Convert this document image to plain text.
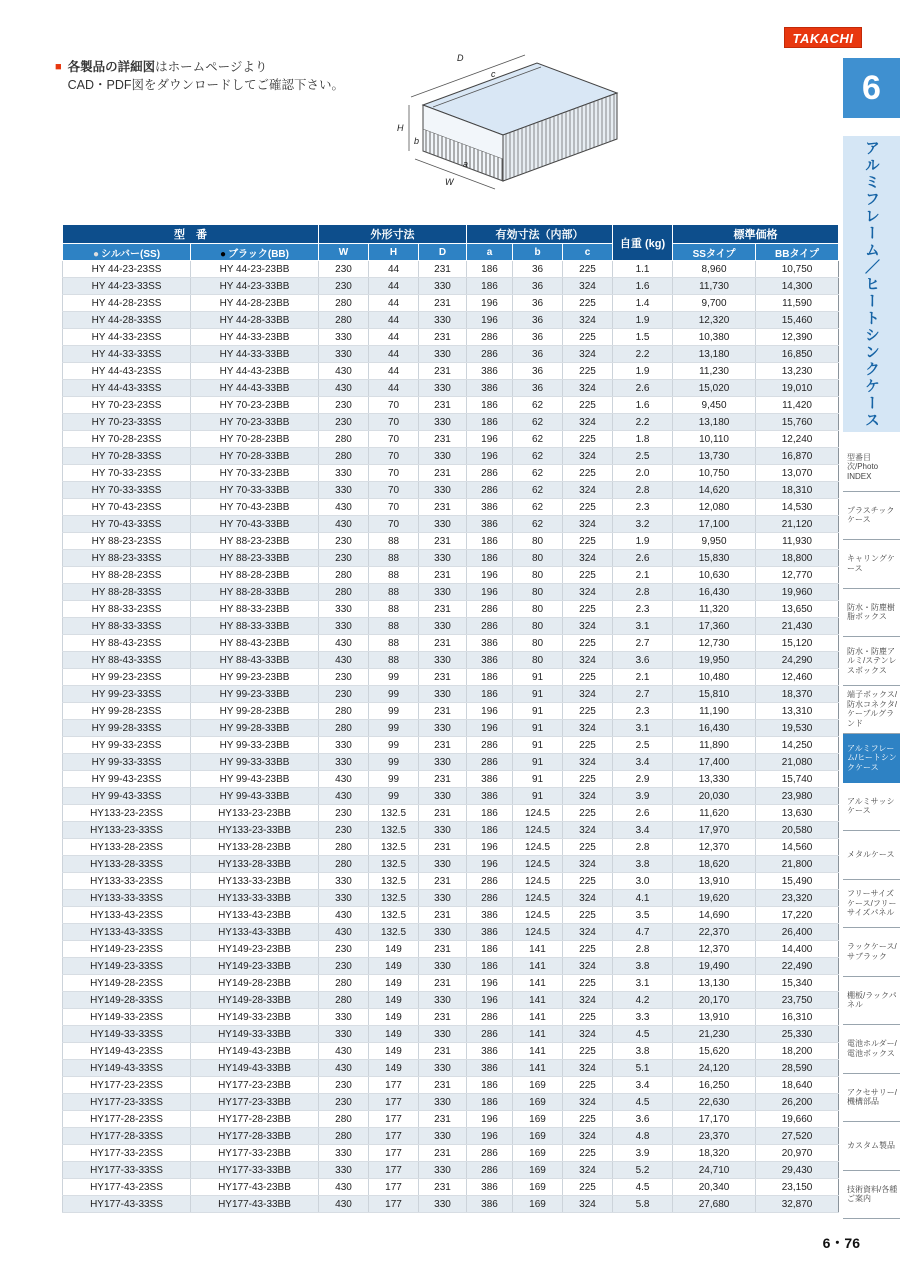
TAKACHI
■ 各製品の詳細図はホームページより
CAD・PDF図をダウンロードしてご確認下さい。
D
c
H
b
W
a
6
アルミフレーム／ヒートシンクケース
型番目次/Photo INDEX
プラスチックケース
キャリングケース
防水・防塵樹脂ボックス
防水・防塵アルミ/ステンレスボックス
端子ボックス/防水コネクタ/ケーブルグランド
アルミフレーム/ヒートシンクケース
アルミサッシケース
メタルケース
フリーサイズケース/フリーサイズパネル
ラックケース/サブラック
棚板/ラックパネル
電池ホルダー/電池ボックス
アクセサリー/機構部品
カスタム製品
技術資料/各種ご案内
型　番		外形寸法			有効寸法（内部）			自重 (kg)	標準価格	
● シルバー(SS)	● ブラック(BB)	W	H	D	a	b	c		SSタイプ	BBタイプ
HY 44-23-23SS	HY 44-23-23BB	230	44	231	186	36	225	1.1	8,960	10,750
HY 44-23-33SS	HY 44-23-33BB	230	44	330	186	36	324	1.6	11,730	14,300
HY 44-28-23SS	HY 44-28-23BB	280	44	231	196	36	225	1.4	9,700	11,590
HY 44-28-33SS	HY 44-28-33BB	280	44	330	196	36	324	1.9	12,320	15,460
HY 44-33-23SS	HY 44-33-23BB	330	44	231	286	36	225	1.5	10,380	12,390
HY 44-33-33SS	HY 44-33-33BB	330	44	330	286	36	324	2.2	13,180	16,850
HY 44-43-23SS	HY 44-43-23BB	430	44	231	386	36	225	1.9	11,230	13,230
HY 44-43-33SS	HY 44-43-33BB	430	44	330	386	36	324	2.6	15,020	19,010
HY 70-23-23SS	HY 70-23-23BB	230	70	231	186	62	225	1.6	9,450	11,420
HY 70-23-33SS	HY 70-23-33BB	230	70	330	186	62	324	2.2	13,180	15,760
HY 70-28-23SS	HY 70-28-23BB	280	70	231	196	62	225	1.8	10,110	12,240
HY 70-28-33SS	HY 70-28-33BB	280	70	330	196	62	324	2.5	13,730	16,870
HY 70-33-23SS	HY 70-33-23BB	330	70	231	286	62	225	2.0	10,750	13,070
HY 70-33-33SS	HY 70-33-33BB	330	70	330	286	62	324	2.8	14,620	18,310
HY 70-43-23SS	HY 70-43-23BB	430	70	231	386	62	225	2.3	12,080	14,530
HY 70-43-33SS	HY 70-43-33BB	430	70	330	386	62	324	3.2	17,100	21,120
HY 88-23-23SS	HY 88-23-23BB	230	88	231	186	80	225	1.9	9,950	11,930
HY 88-23-33SS	HY 88-23-33BB	230	88	330	186	80	324	2.6	15,830	18,800
HY 88-28-23SS	HY 88-28-23BB	280	88	231	196	80	225	2.1	10,630	12,770
HY 88-28-33SS	HY 88-28-33BB	280	88	330	196	80	324	2.8	16,430	19,960
HY 88-33-23SS	HY 88-33-23BB	330	88	231	286	80	225	2.3	11,320	13,650
HY 88-33-33SS	HY 88-33-33BB	330	88	330	286	80	324	3.1	17,360	21,430
HY 88-43-23SS	HY 88-43-23BB	430	88	231	386	80	225	2.7	12,730	15,120
HY 88-43-33SS	HY 88-43-33BB	430	88	330	386	80	324	3.6	19,950	24,290
HY 99-23-23SS	HY 99-23-23BB	230	99	231	186	91	225	2.1	10,480	12,460
HY 99-23-33SS	HY 99-23-33BB	230	99	330	186	91	324	2.7	15,810	18,370
HY 99-28-23SS	HY 99-28-23BB	280	99	231	196	91	225	2.3	11,190	13,310
HY 99-28-33SS	HY 99-28-33BB	280	99	330	196	91	324	3.1	16,430	19,530
HY 99-33-23SS	HY 99-33-23BB	330	99	231	286	91	225	2.5	11,890	14,250
HY 99-33-33SS	HY 99-33-33BB	330	99	330	286	91	324	3.4	17,400	21,080
HY 99-43-23SS	HY 99-43-23BB	430	99	231	386	91	225	2.9	13,330	15,740
HY 99-43-33SS	HY 99-43-33BB	430	99	330	386	91	324	3.9	20,030	23,980
HY133-23-23SS	HY133-23-23BB	230	132.5	231	186	124.5	225	2.6	11,620	13,630
HY133-23-33SS	HY133-23-33BB	230	132.5	330	186	124.5	324	3.4	17,970	20,580
HY133-28-23SS	HY133-28-23BB	280	132.5	231	196	124.5	225	2.8	12,370	14,560
HY133-28-33SS	HY133-28-33BB	280	132.5	330	196	124.5	324	3.8	18,620	21,800
HY133-33-23SS	HY133-33-23BB	330	132.5	231	286	124.5	225	3.0	13,910	15,490
HY133-33-33SS	HY133-33-33BB	330	132.5	330	286	124.5	324	4.1	19,620	23,320
HY133-43-23SS	HY133-43-23BB	430	132.5	231	386	124.5	225	3.5	14,690	17,220
HY133-43-33SS	HY133-43-33BB	430	132.5	330	386	124.5	324	4.7	22,370	26,400
HY149-23-23SS	HY149-23-23BB	230	149	231	186	141	225	2.8	12,370	14,400
HY149-23-33SS	HY149-23-33BB	230	149	330	186	141	324	3.8	19,490	22,490
HY149-28-23SS	HY149-28-23BB	280	149	231	196	141	225	3.1	13,130	15,340
HY149-28-33SS	HY149-28-33BB	280	149	330	196	141	324	4.2	20,170	23,750
HY149-33-23SS	HY149-33-23BB	330	149	231	286	141	225	3.3	13,910	16,310
HY149-33-33SS	HY149-33-33BB	330	149	330	286	141	324	4.5	21,230	25,330
HY149-43-23SS	HY149-43-23BB	430	149	231	386	141	225	3.8	15,620	18,200
HY149-43-33SS	HY149-43-33BB	430	149	330	386	141	324	5.1	24,120	28,590
HY177-23-23SS	HY177-23-23BB	230	177	231	186	169	225	3.4	16,250	18,640
HY177-23-33SS	HY177-23-33BB	230	177	330	186	169	324	4.5	22,630	26,200
HY177-28-23SS	HY177-28-23BB	280	177	231	196	169	225	3.6	17,170	19,660
HY177-28-33SS	HY177-28-33BB	280	177	330	196	169	324	4.8	23,370	27,520
HY177-33-23SS	HY177-33-23BB	330	177	231	286	169	225	3.9	18,320	20,970
HY177-33-33SS	HY177-33-33BB	330	177	330	286	169	324	5.2	24,710	29,430
HY177-43-23SS	HY177-43-23BB	430	177	231	386	169	225	4.5	20,340	23,150
HY177-43-33SS	HY177-43-33BB	430	177	330	386	169	324	5.8	27,680	32,870
6・76
